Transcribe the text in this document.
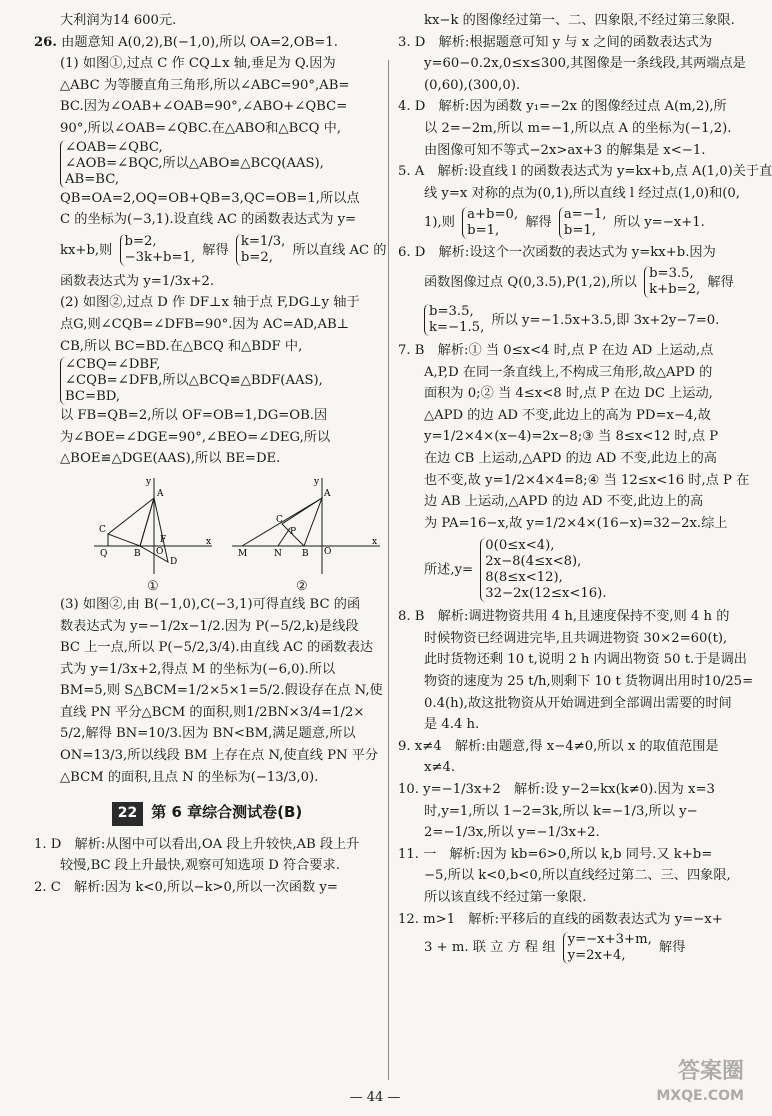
大利润为14 600元.
26. 由题意知 A(0,2),B(−1,0),所以 OA=2,OB=1.
(1) 如图①,过点 C 作 CQ⊥x 轴,垂足为 Q.因为
△ABC 为等腰直角三角形,所以∠ABC=90°,AB=
BC.因为∠OAB+∠OAB=90°,∠ABO+∠QBC=
90°,所以∠OAB=∠QBC.在△ABO和△BCQ 中,
∠OAB=∠QBC,
∠AOB=∠BQC,所以△ABO≌△BCQ(AAS),
AB=BC,
QB=OA=2,OQ=OB+QB=3,QC=OB=1,所以点
C 的坐标为(−3,1).设直线 AC 的函数表达式为 y=
kx+b,则
b=2,
−3k+b=1, 解得
k=1/3,
b=2,	所以直线 AC 的
函数表达式为 y=1/3x+2.
(2) 如图②,过点 D 作 DF⊥x 轴于点 F,DG⊥y 轴于
点G,则∠CQB=∠DFB=90°.因为 AC=AD,AB⊥
CB,所以 BC=BD.在△BCQ 和△BDF 中,
∠CBQ=∠DBF,
∠CQB=∠DFB,所以△BCQ≌△BDF(AAS),
BC=BD,
以 FB=QB=2,所以 OF=OB=1,DG=OB.因
为∠BOE=∠DGE=90°,∠BEO=∠DEG,所以
△BOE≌△DGE(AAS),所以 BE=DE.
Q	B O
A
C
D
x
y
F
M	N B O
A
C
P
x
y
①	②
(3) 如图②,由 B(−1,0),C(−3,1)可得直线 BC 的函
数表达式为 y=−1/2x−1/2.因为 P(−5/2,k)是线段
BC 上一点,所以 P(−5/2,3/4).由直线 AC 的函数表达
式为 y=1/3x+2,得点 M 的坐标为(−6,0).所以
BM=5,则 S△BCM=1/2×5×1=5/2.假设存在点 N,使
直线 PN 平分△BCM 的面积,则1/2BN×3/4=1/2×
5/2,解得 BN=10/3.因为 BN<BM,满足题意,所以
ON=13/3,所以线段 BM 上存在点 N,使直线 PN 平分
△BCM 的面积,且点 N 的坐标为(−13/3,0).
22 第 6 章综合测试卷(B)
1. D　解析:从图中可以看出,OA 段上升较快,AB 段上升
较慢,BC 段上升最快,观察可知选项 D 符合要求.
2. C　解析:因为 k<0,所以−k>0,所以一次函数 y=
kx−k 的图像经过第一、二、四象限,不经过第三象限.
3. D　解析:根据题意可知 y 与 x 之间的函数表达式为
y=60−0.2x,0≤x≤300,其图像是一条线段,其两端点是
(0,60),(300,0).
4. D　解析:因为函数 y₁=−2x 的图像经过点 A(m,2),所
以 2=−2m,所以 m=−1,所以点 A 的坐标为(−1,2).
由图像可知不等式−2x>ax+3 的解集是 x<−1.
5. A　解析:设直线 l 的函数表达式为 y=kx+b,点 A(1,0)关于直
线 y=x 对称的点为(0,1),所以直线 l 经过点(1,0)和(0,
1),则
a+b=0,
b=1,	解得
a=−1,
b=1,	所以 y=−x+1.
6. D　解析:设这个一次函数的表达式为 y=kx+b.因为
函数图像过点 Q(0,3.5),P(1,2),所以
b=3.5,
k+b=2, 解得
b=3.5,
k=−1.5, 所以 y=−1.5x+3.5,即 3x+2y−7=0.
7. B　解析:① 当 0≤x<4 时,点 P 在边 AD 上运动,点
A,P,D 在同一条直线上,不构成三角形,故△APD 的
面积为 0;② 当 4≤x<8 时,点 P 在边 DC 上运动,
△APD 的边 AD 不变,此边上的高为 PD=x−4,故
y=1/2×4×(x−4)=2x−8;③ 当 8≤x<12 时,点 P
在边 CB 上运动,△APD 的边 AD 不变,此边上的高
也不变,故 y=1/2×4×4=8;④ 当 12≤x<16 时,点 P 在
边 AB 上运动,△APD 的边 AD 不变,此边上的高
为 PA=16−x,故 y=1/2×4×(16−x)=32−2x.综上
所述,y=
0(0≤x<4),
2x−8(4≤x<8),
8(8≤x<12),
32−2x(12≤x<16).
8. B　解析:调进物资共用 4 h,且速度保持不变,则 4 h 的
时候物资已经调进完毕,且共调进物资 30×2=60(t),
此时货物还剩 10 t,说明 2 h 内调出物资 50 t.于是调出
物资的速度为 25 t/h,则剩下 10 t 货物调出用时10/25=
0.4(h),故这批物资从开始调进到全部调出需要的时间
是 4.4 h.
9. x≠4　解析:由题意,得 x−4≠0,所以 x 的取值范围是
x≠4.
10. y=−1/3x+2　解析:设 y−2=kx(k≠0).因为 x=3
时,y=1,所以 1−2=3k,所以 k=−1/3,所以 y−
2=−1/3x,所以 y=−1/3x+2.
11. 一　解析:因为 kb=6>0,所以 k,b 同号.又 k+b=
−5,所以 k<0,b<0,所以直线经过第二、三、四象限,
所以该直线不经过第一象限.
12. m>1　解析:平移后的直线的函数表达式为 y=−x+
3 + m. 联 立 方 程 组
y=−x+3+m,
y=2x+4,	解得
— 44 —
答案圈
MXQE.COM
